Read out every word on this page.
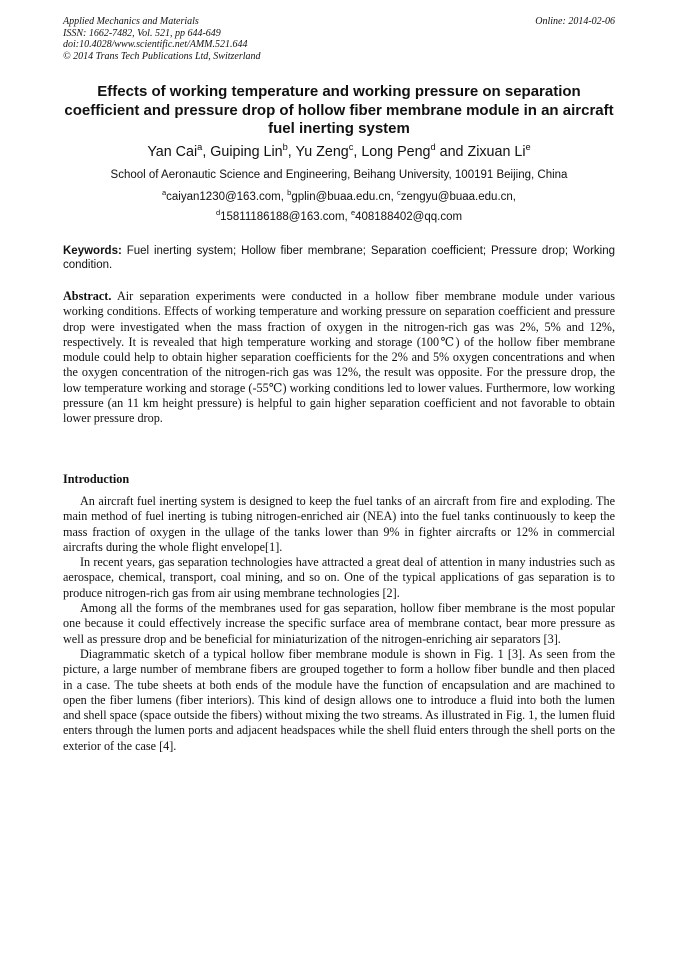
Applied Mechanics and Materials
ISSN: 1662-7482, Vol. 521, pp 644-649
doi:10.4028/www.scientific.net/AMM.521.644
© 2014 Trans Tech Publications Ltd, Switzerland
Online: 2014-02-06
Effects of working temperature and working pressure on separation coefficient and pressure drop of hollow fiber membrane module in an aircraft fuel inerting system
Yan Cai$^a$, Guiping Lin$^b$, Yu Zeng$^c$, Long Peng$^d$ and Zixuan Li$^e$
School of Aeronautic Science and Engineering, Beihang University, 100191 Beijing, China
$^a$caiyan1230@163.com, $^b$gplin@buaa.edu.cn, $^c$zengyu@buaa.edu.cn,
$^d$15811186188@163.com, $^e$408188402@qq.com
Keywords: Fuel inerting system; Hollow fiber membrane; Separation coefficient; Pressure drop; Working condition.
Abstract. Air separation experiments were conducted in a hollow fiber membrane module under various working conditions. Effects of working temperature and working pressure on separation coefficient and pressure drop were investigated when the mass fraction of oxygen in the nitrogen-rich gas was 2%, 5% and 12%, respectively. It is revealed that high temperature working and storage (100℃) of the hollow fiber membrane module could help to obtain higher separation coefficients for the 2% and 5% oxygen concentrations and when the oxygen concentration of the nitrogen-rich gas was 12%, the result was opposite. For the pressure drop, the low temperature working and storage (-55℃) working conditions led to lower values. Furthermore, low working pressure (an 11 km height pressure) is helpful to gain higher separation coefficient and not favorable to obtain lower pressure drop.
Introduction

An aircraft fuel inerting system is designed to keep the fuel tanks of an aircraft from fire and exploding. The main method of fuel inerting is tubing nitrogen-enriched air (NEA) into the fuel tanks continuously to keep the mass fraction of oxygen in the ullage of the tanks lower than 9% in fighter aircrafts or 12% in commercial aircrafts during the whole flight envelope[1].

In recent years, gas separation technologies have attracted a great deal of attention in many industries such as aerospace, chemical, transport, coal mining, and so on. One of the typical applications of gas separation is to produce nitrogen-rich gas from air using membrane technologies [2].

Among all the forms of the membranes used for gas separation, hollow fiber membrane is the most popular one because it could effectively increase the specific surface area of membrane contact, bear more pressure as well as pressure drop and be beneficial for miniaturization of the nitrogen-enriching air separators [3].

Diagrammatic sketch of a typical hollow fiber membrane module is shown in Fig. 1 [3]. As seen from the picture, a large number of membrane fibers are grouped together to form a hollow fiber bundle and then placed in a case. The tube sheets at both ends of the module have the function of encapsulation and are machined to open the fiber lumens (fiber interiors). This kind of design allows one to introduce a fluid into both the lumen and shell space (space outside the fibers) without mixing the two streams. As illustrated in Fig. 1, the lumen fluid enters through the lumen ports and adjacent headspaces while the shell fluid enters through the shell ports on the exterior of the case [4].
